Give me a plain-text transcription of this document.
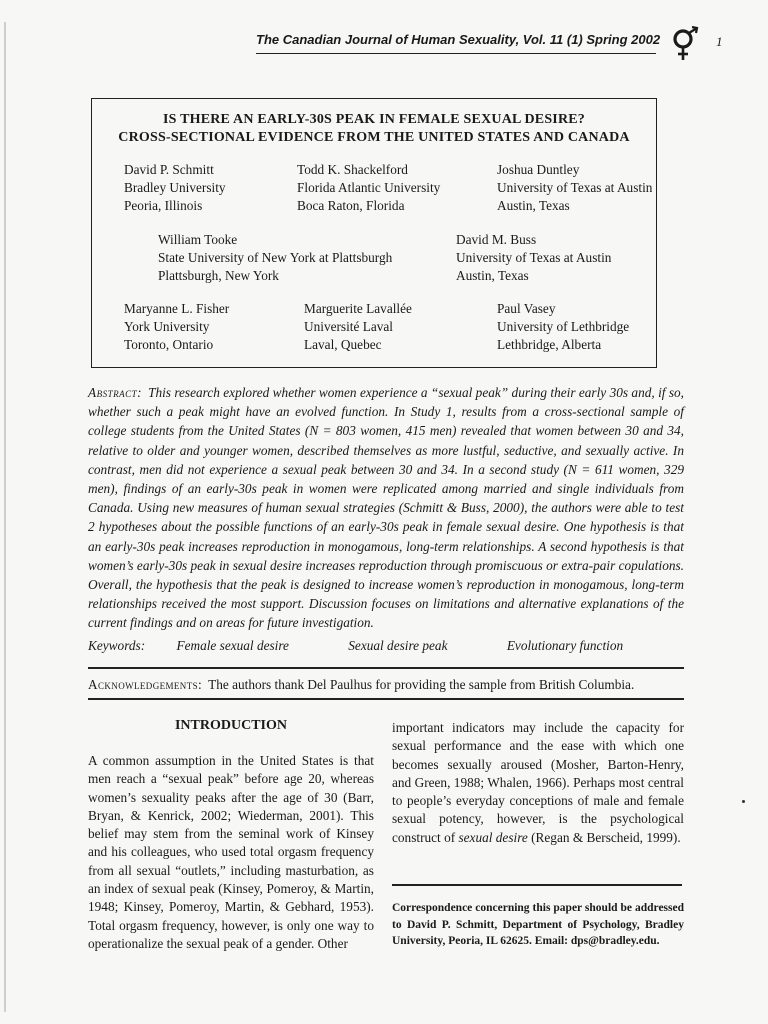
The Canadian Journal of Human Sexuality, Vol. 11 (1) Spring 2002	1
IS THERE AN EARLY-30S PEAK IN FEMALE SEXUAL DESIRE?
CROSS-SECTIONAL EVIDENCE FROM THE UNITED STATES AND CANADA
David P. Schmitt
Bradley University
Peoria, Illinois
Todd K. Shackelford
Florida Atlantic University
Boca Raton, Florida
Joshua Duntley
University of Texas at Austin
Austin, Texas
William Tooke
State University of New York at Plattsburgh
Plattsburgh, New York
David M. Buss
University of Texas at Austin
Austin, Texas
Maryanne L. Fisher
York University
Toronto, Ontario
Marguerite Lavallée
Université Laval
Laval, Quebec
Paul Vasey
University of Lethbridge
Lethbridge, Alberta
Abstract: This research explored whether women experience a “sexual peak” during their early 30s and, if so, whether such a peak might have an evolved function. In Study 1, results from a cross-sectional sample of college students from the United States (N = 803 women, 415 men) revealed that women between 30 and 34, relative to older and younger women, described themselves as more lustful, seductive, and sexually active. In contrast, men did not experience a sexual peak between 30 and 34. In a second study (N = 611 women, 329 men), findings of an early-30s peak in women were replicated among married and single individuals from Canada. Using new measures of human sexual strategies (Schmitt & Buss, 2000), the authors were able to test 2 hypotheses about the possible functions of an early-30s peak in female sexual desire. One hypothesis is that an early-30s peak increases reproduction in monogamous, long-term relationships. A second hypothesis is that women’s early-30s peak in sexual desire increases reproduction through promiscuous or extra-pair copulations. Overall, the hypothesis that the peak is designed to increase women’s reproduction in monogamous, long-term relationships received the most support. Discussion focuses on limitations and alternative explanations of the current findings and on areas for future investigation.
Keywords: Female sexual desire	Sexual desire peak	Evolutionary function
Acknowledgements: The authors thank Del Paulhus for providing the sample from British Columbia.
INTRODUCTION
A common assumption in the United States is that men reach a “sexual peak” before age 20, whereas women’s sexuality peaks after the age of 30 (Barr, Bryan, & Kenrick, 2002; Wiederman, 2001). This belief may stem from the seminal work of Kinsey and his colleagues, who used total orgasm frequency from all sexual “outlets,” including masturbation, as an index of sexual peak (Kinsey, Pomeroy, & Martin, 1948; Kinsey, Pomeroy, Martin, & Gebhard, 1953). Total orgasm frequency, however, is only one way to operationalize the sexual peak of a gender. Other
important indicators may include the capacity for sexual performance and the ease with which one becomes sexually aroused (Mosher, Barton-Henry, and Green, 1988; Whalen, 1966). Perhaps most central to people’s everyday conceptions of male and female sexual potency, however, is the psychological construct of sexual desire (Regan & Berscheid, 1999).
Correspondence concerning this paper should be addressed to David P. Schmitt, Department of Psychology, Bradley University, Peoria, IL 62625. Email: dps@bradley.edu.
